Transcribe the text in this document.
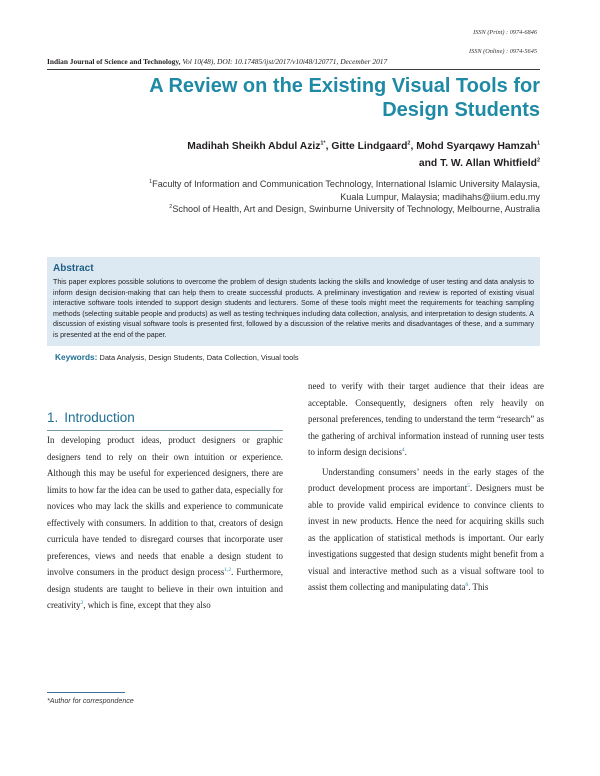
ISSN (Print) : 0974-6846
ISSN (Online) : 0974-5645
Indian Journal of Science and Technology, Vol 10(48), DOI: 10.17485/ijst/2017/v10i48/120771, December 2017
A Review on the Existing Visual Tools for
Design Students
Madihah Sheikh Abdul Aziz$^{1*}$, Gitte Lindgaard$^2$, Mohd Syarqawy Hamzah$^1$
and T. W. Allan Whitfield$^2$
$^1$Faculty of Information and Communication Technology, International Islamic University Malaysia,
Kuala Lumpur, Malaysia; madihahs@iium.edu.my
$^2$School of Health, Art and Design, Swinburne University of Technology, Melbourne, Australia
Abstract
This paper explores possible solutions to overcome the problem of design students lacking the skills and knowledge of user testing and data analysis to inform design decision-making that can help them to create successful products. A preliminary investigation and review is reported of existing visual interactive software tools intended to support design students and lecturers. Some of these tools might meet the requirements for teaching sampling methods (selecting suitable people and products) as well as testing techniques including data collection, analysis, and interpretation to design students. A discussion of existing visual software tools is presented first, followed by a discussion of the relative merits and disadvantages of these, and a summary is presented at the end of the paper.
Keywords: Data Analysis, Design Students, Data Collection, Visual tools
1. Introduction

In developing product ideas, product designers or graphic designers tend to rely on their own intuition or experience. Although this may be useful for experienced designers, there are limits to how far the idea can be used to gather data, especially for novices who may lack the skills and experience to communicate effectively with consumers. In addition to that, creators of design curricula have tended to disregard courses that incorporate user preferences, views and needs that enable a design student to involve consumers in the product design process$^{1,2}$. Furthermore, design students are taught to believe in their own intuition and creativity$^3$, which is fine, except that they also

need to verify with their target audience that their ideas are acceptable. Consequently, designers often rely heavily on personal preferences, tending to understand the term “research” as the gathering of archival information instead of running user tests to inform design decisions$^4$.

Understanding consumers’ needs in the early stages of the product development process are important$^5$. Designers must be able to provide valid empirical evidence to convince clients to invest in new products. Hence the need for acquiring skills such as the application of statistical methods is important. Our early investigations suggested that design students might benefit from a visual and interactive method such as a visual software tool to assist them collecting and manipulating data$^6$. This

*Author for correspondence
